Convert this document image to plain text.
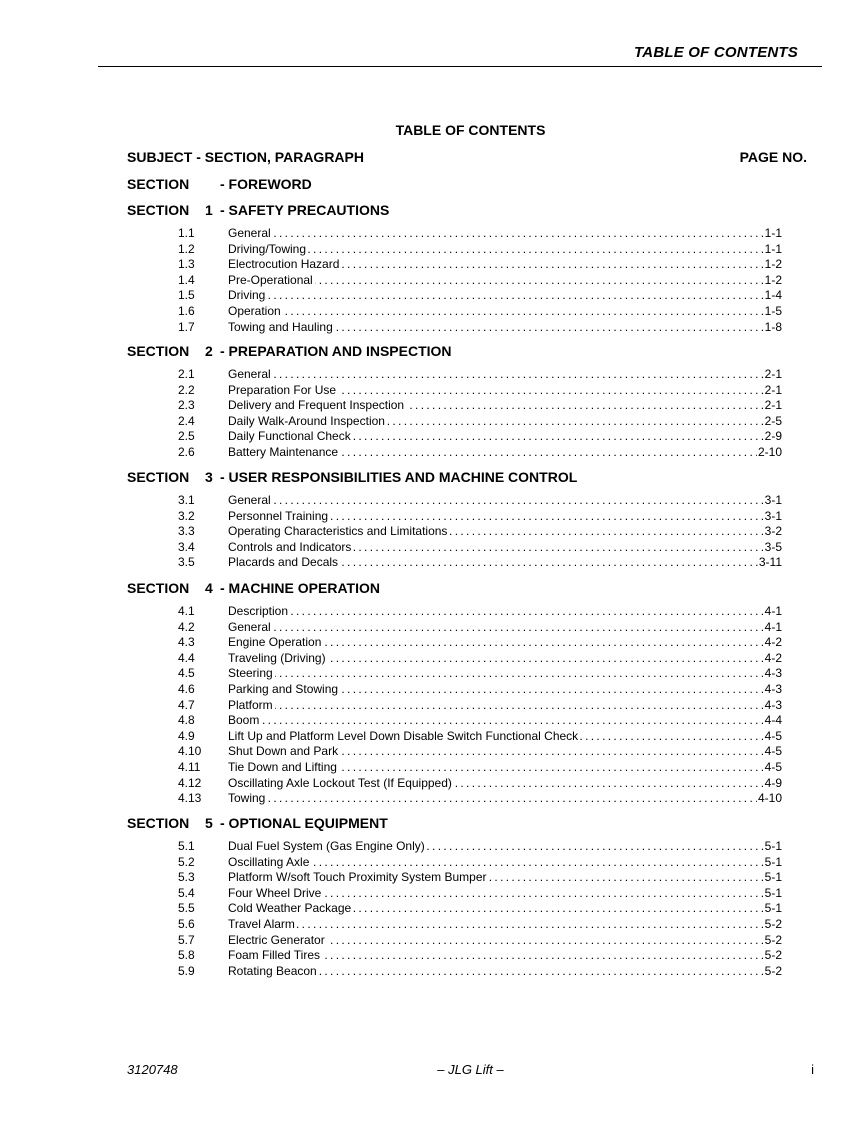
TABLE OF CONTENTS
TABLE OF CONTENTS
SUBJECT - SECTION, PARAGRAPH	PAGE NO.
SECTION - FOREWORD
SECTION 1 - SAFETY PRECAUTIONS
1.1	General . . .	1-1
1.2	Driving/Towing . . .	1-1
1.3	Electrocution Hazard . . .	1-2
1.4	Pre-Operational . . .	1-2
1.5	Driving . . .	1-4
1.6	Operation . . .	1-5
1.7	Towing and Hauling . . .	1-8
SECTION 2 - PREPARATION AND INSPECTION
2.1	General . . .	2-1
2.2	Preparation For Use . . .	2-1
2.3	Delivery and Frequent Inspection . . .	2-1
2.4	Daily Walk-Around Inspection . . .	2-5
2.5	Daily Functional Check . . .	2-9
2.6	Battery Maintenance . . .	2-10
SECTION 3 - USER RESPONSIBILITIES AND MACHINE CONTROL
3.1	General . . .	3-1
3.2	Personnel Training . . .	3-1
3.3	Operating Characteristics and Limitations . . .	3-2
3.4	Controls and Indicators . . .	3-5
3.5	Placards and Decals . . .	3-11
SECTION 4 - MACHINE OPERATION
4.1	Description . . .	4-1
4.2	General . . .	4-1
4.3	Engine Operation . . .	4-2
4.4	Traveling (Driving) . . .	4-2
4.5	Steering . . .	4-3
4.6	Parking and Stowing . . .	4-3
4.7	Platform . . .	4-3
4.8	Boom . . .	4-4
4.9	Lift Up and Platform Level Down Disable Switch Functional Check . . .	4-5
4.10 Shut Down and Park . . .	4-5
4.11 Tie Down and Lifting . . .	4-5
4.12 Oscillating Axle Lockout Test (If Equipped) . . .	4-9
4.13 Towing . . .	4-10
SECTION 5 - OPTIONAL EQUIPMENT
5.1	Dual Fuel System (Gas Engine Only) . . .	5-1
5.2	Oscillating Axle . . .	5-1
5.3	Platform W/soft Touch Proximity System Bumper . . .	5-1
5.4	Four Wheel Drive . . .	5-1
5.5	Cold Weather Package . . .	5-1
5.6	Travel Alarm . . .	5-2
5.7	Electric Generator . . .	5-2
5.8	Foam Filled Tires . . .	5-2
5.9	Rotating Beacon . . .	5-2
3120748	– JLG Lift –	i
